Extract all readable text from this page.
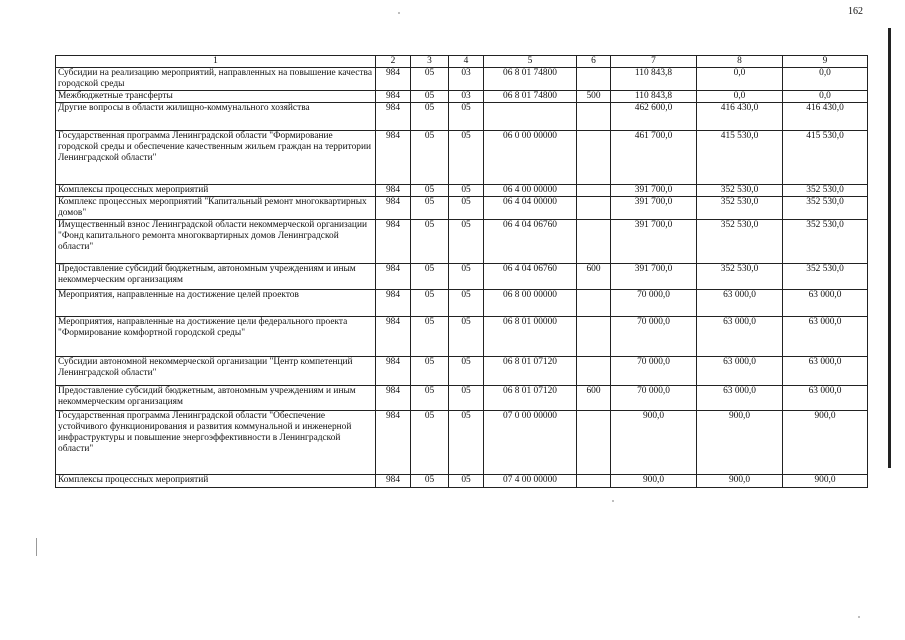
162
1	2	3	4	5	6	7	8	9
Субсидии на реализацию мероприятий, направленных на повышение качества городской среды	984	05	03	06 8 01 74800		110 843,8	0,0	0,0
Межбюджетные трансферты	984	05	03	06 8 01 74800	500	110 843,8	0,0	0,0
Другие вопросы в области жилищно-коммунального хозяйства	984	05	05			462 600,0	416 430,0	416 430,0
Государственная программа Ленинградской области "Формирование городской среды и обеспечение качественным жильем граждан на территории Ленинградской области"	984	05	05	06 0 00 00000		461 700,0	415 530,0	415 530,0
Комплексы процессных мероприятий	984	05	05	06 4 00 00000		391 700,0	352 530,0	352 530,0
Комплекс процессных мероприятий "Капитальный ремонт многоквартирных домов"	984	05	05	06 4 04 00000		391 700,0	352 530,0	352 530,0
Имущественный взнос Ленинградской области некоммерческой организации "Фонд капитального ремонта многоквартирных домов Ленинградской области"	984	05	05	06 4 04 06760		391 700,0	352 530,0	352 530,0
Предоставление субсидий бюджетным, автономным учреждениям и иным некоммерческим организациям	984	05	05	06 4 04 06760	600	391 700,0	352 530,0	352 530,0
Мероприятия, направленные на достижение целей проектов	984	05	05	06 8 00 00000		70 000,0	63 000,0	63 000,0
Мероприятия, направленные на достижение цели федерального проекта "Формирование комфортной городской среды"	984	05	05	06 8 01 00000		70 000,0	63 000,0	63 000,0
Субсидии автономной некоммерческой организации "Центр компетенций Ленинградской области"	984	05	05	06 8 01 07120		70 000,0	63 000,0	63 000,0
Предоставление субсидий бюджетным, автономным учреждениям и иным некоммерческим организациям	984	05	05	06 8 01 07120	600	70 000,0	63 000,0	63 000,0
Государственная программа Ленинградской области "Обеспечение устойчивого функционирования и развития коммунальной и инженерной инфраструктуры и повышение энергоэффективности в Ленинградской области"	984	05	05	07 0 00 00000		900,0	900,0	900,0
Комплексы процессных мероприятий	984	05	05	07 4 00 00000		900,0	900,0	900,0
